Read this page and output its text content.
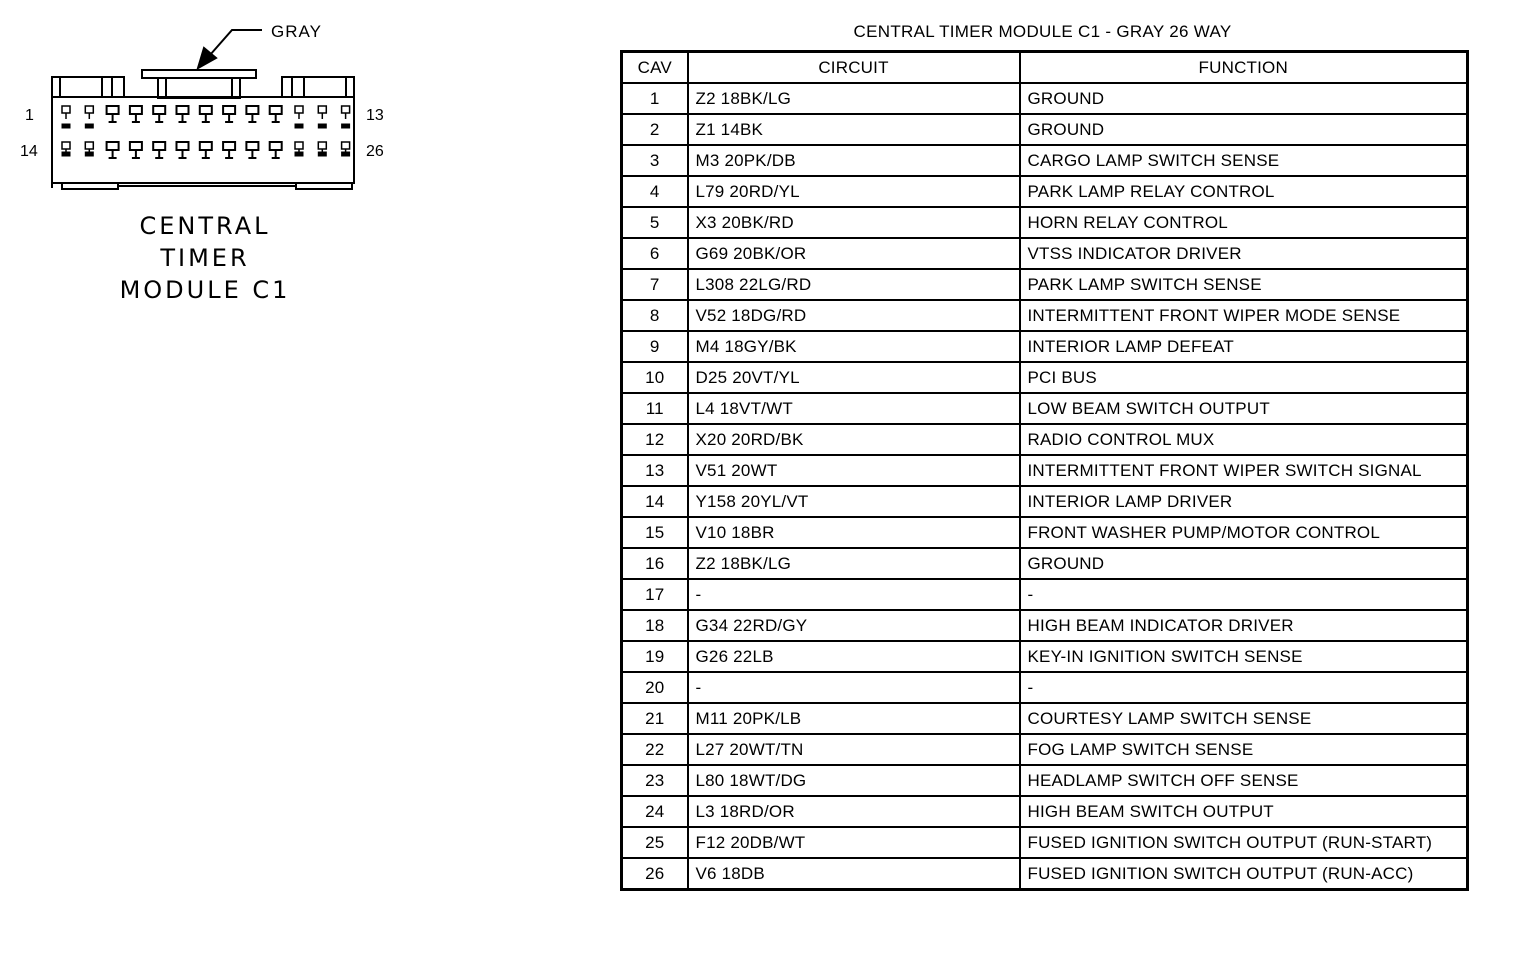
GRAY
1
14
13
26
CENTRAL
TIMER
MODULE C1
CENTRAL TIMER MODULE C1 - GRAY 26 WAY
CAV	CIRCUIT	FUNCTION
1	Z2 18BK/LG	GROUND
2	Z1 14BK	GROUND
3	M3 20PK/DB	CARGO LAMP SWITCH SENSE
4	L79 20RD/YL	PARK LAMP RELAY CONTROL
5	X3 20BK/RD	HORN RELAY CONTROL
6	G69 20BK/OR	VTSS INDICATOR DRIVER
7	L308 22LG/RD	PARK LAMP SWITCH SENSE
8	V52 18DG/RD	INTERMITTENT FRONT WIPER MODE SENSE
9	M4 18GY/BK	INTERIOR LAMP DEFEAT
10	D25 20VT/YL	PCI BUS
11	L4 18VT/WT	LOW BEAM SWITCH OUTPUT
12	X20 20RD/BK	RADIO CONTROL MUX
13	V51 20WT	INTERMITTENT FRONT WIPER SWITCH SIGNAL
14	Y158 20YL/VT	INTERIOR LAMP DRIVER
15	V10 18BR	FRONT WASHER PUMP/MOTOR CONTROL
16	Z2 18BK/LG	GROUND
17	-	-
18	G34 22RD/GY	HIGH BEAM INDICATOR DRIVER
19	G26 22LB	KEY-IN IGNITION SWITCH SENSE
20	-	-
21	M11 20PK/LB	COURTESY LAMP SWITCH SENSE
22	L27 20WT/TN	FOG LAMP SWITCH SENSE
23	L80 18WT/DG	HEADLAMP SWITCH OFF SENSE
24	L3 18RD/OR	HIGH BEAM SWITCH OUTPUT
25	F12 20DB/WT	FUSED IGNITION SWITCH OUTPUT (RUN-START)
26	V6 18DB	FUSED IGNITION SWITCH OUTPUT (RUN-ACC)
